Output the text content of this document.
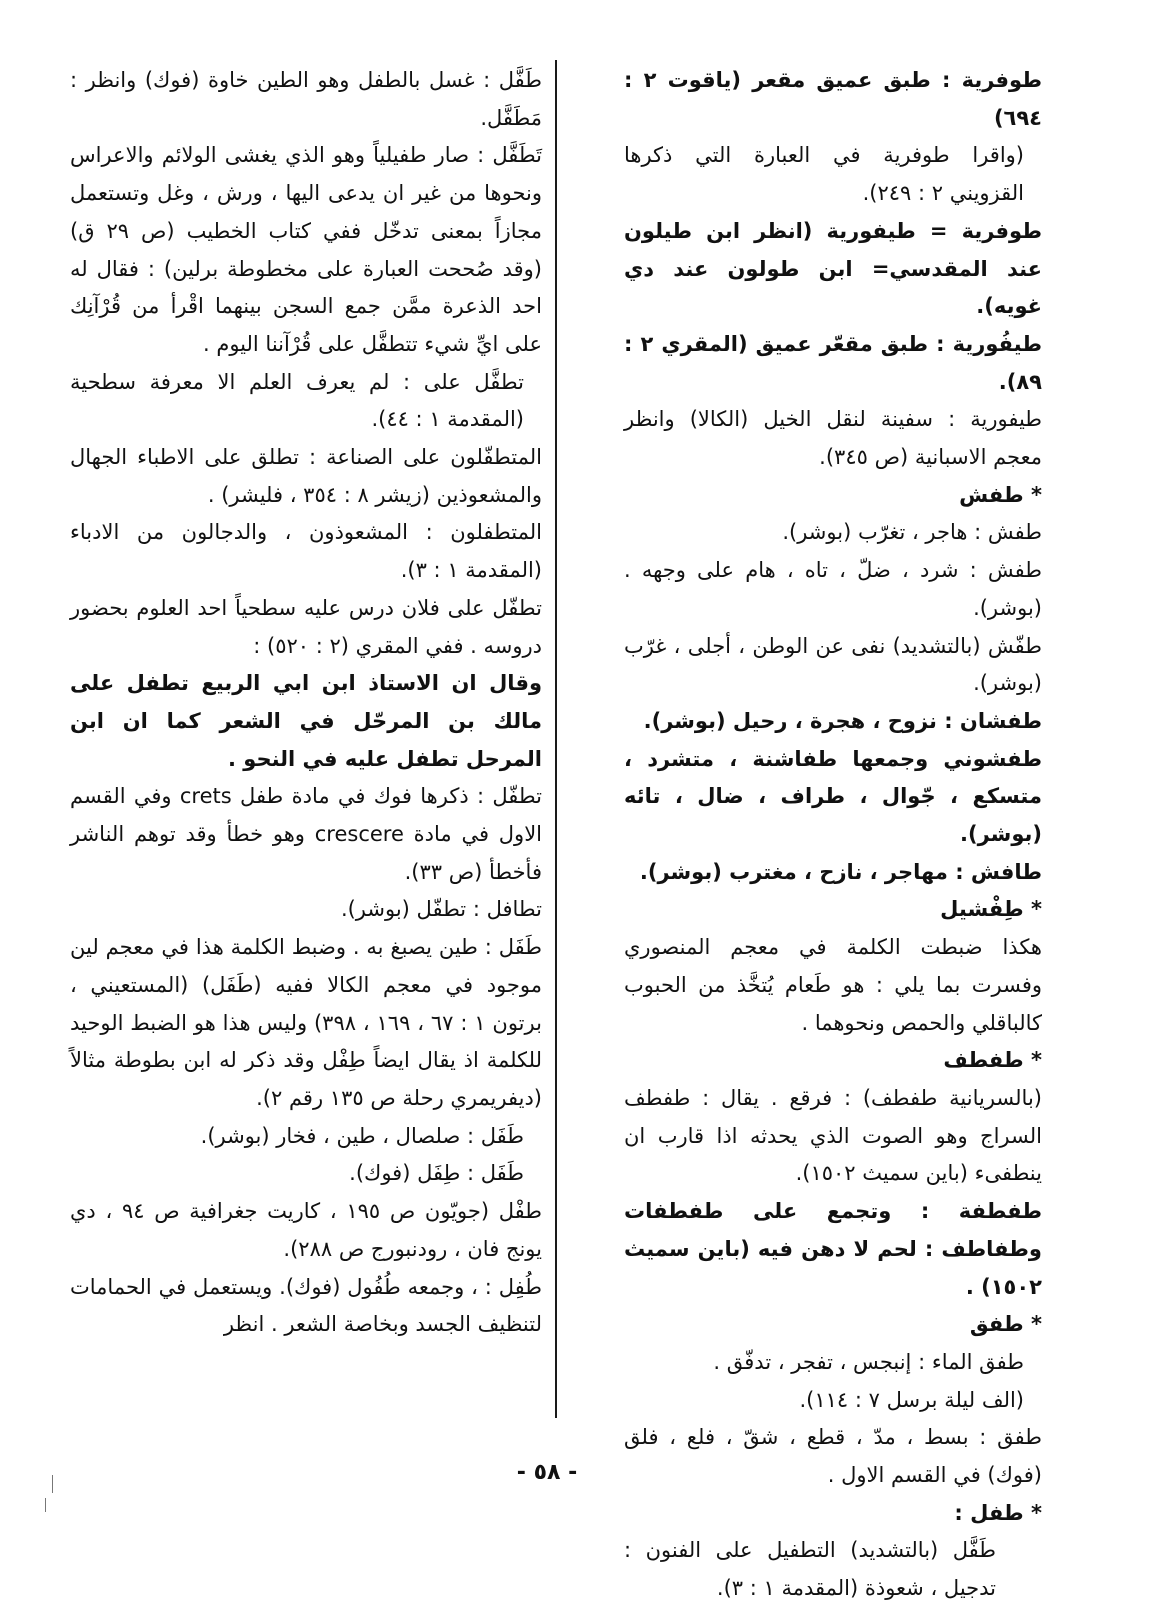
طوفرية : طبق عميق مقعر (ياقوت ٢ : ٦٩٤)

(واقرا طوفرية في العبارة التي ذكرها القزويني ٢ : ٢٤٩).

طوفرية = طيفورية (انظر ابن طيلون عند المقدسي= ابن طولون عند دي غويه).

طيفُورية : طبق مقعّر عميق (المقري ٢ : ٨٩).

طيفورية : سفينة لنقل الخيل (الكالا) وانظر معجم الاسبانية (ص ٣٤٥).

* طفش

طفش : هاجر ، تغرّب (بوشر).

طفش : شرد ، ضلّ ، تاه ، هام على وجهه . (بوشر).

طفّش (بالتشديد) نفى عن الوطن ، أجلى ، غرّب (بوشر).

طفشان : نزوح ، هجرة ، رحيل (بوشر).

طفشوني وجمعها طفاشنة ، متشرد ، متسكع ، جّوال ، طراف ، ضال ، تائه (بوشر).

طافش : مهاجر ، نازح ، مغترب (بوشر).

* طِفْشيل

هكذا ضبطت الكلمة في معجم المنصوري وفسرت بما يلي : هو طَعام يُتخَّذ من الحبوب كالباقلي والحمص ونحوهما .

* طفطف

(بالسريانية طفطف) : فرقع . يقال : طفطف السراج وهو الصوت الذي يحدثه اذا قارب ان ينطفىء (باين سميث ١٥٠٢).

طفطفة : وتجمع على طفطفات وطفاطف : لحم لا دهن فيه (باين سميث ١٥٠٢) .

* طفق

طفق الماء : إنبجس ، تفجر ، تدفّق .

(الف ليلة برسل ٧ : ١١٤).

طفق : بسط ، مدّ ، قطع ، شقّ ، فلع ، فلق (فوك) في القسم الاول .

* طفل :

طَفَّل (بالتشديد) التطفيل على الفنون : تدجيل ، شعوذة (المقدمة ١ : ٣).

طَفَّل : غسل بالطفل وهو الطين خاوة (فوك) وانظر : مَطَفَّل.

تَطَفَّل : صار طفيلياً وهو الذي يغشى الولائم والاعراس ونحوها من غير ان يدعى اليها ، ورش ، وغل وتستعمل مجازاً بمعنى تدخّل ففي كتاب الخطيب (ص ٢٩ ق) (وقد صُححت العبارة على مخطوطة برلين) : فقال له احد الذعرة ممَّن جمع السجن بينهما اقْرأ من قُرْآنِك على ايِّ شيء تتطفَّل على قُرْآننا اليوم .

تطفَّل على : لم يعرف العلم الا معرفة سطحية (المقدمة ١ : ٤٤).

المتطفّلون على الصناعة : تطلق على الاطباء الجهال والمشعوذين (زيشر ٨ : ٣٥٤ ، فليشر) .

المتطفلون : المشعوذون ، والدجالون من الادباء (المقدمة ١ : ٣).

تطفّل على فلان درس عليه سطحياً احد العلوم بحضور دروسه . ففي المقري (٢ : ٥٢٠) :

وقال ان الاستاذ ابن ابي الربيع تطفل على مالك بن المرحّل في الشعر كما ان ابن المرحل تطفل عليه في النحو .

تطفّل : ذكرها فوك في مادة طفل crets وفي القسم الاول في مادة crescere وهو خطأ وقد توهم الناشر فأخطأ (ص ٣٣).

تطافل : تطفّل (بوشر).

طَفَل : طين يصبغ به . وضبط الكلمة هذا في معجم لين موجود في معجم الكالا ففيه (طَفَل) (المستعيني ، برتون ١ : ٦٧ ، ١٦٩ ، ٣٩٨) وليس هذا هو الضبط الوحيد للكلمة اذ يقال ايضاً طِفْل وقد ذكر له ابن بطوطة مثالاً (ديفريمري رحلة ص ١٣٥ رقم ٢).

طَفَل : صلصال ، طين ، فخار (بوشر).

طَفَل : طِفَل (فوك).

طفْل (جويّون ص ١٩٥ ، كاريت جغرافية ص ٩٤ ، دي يونج فان ، رودنبورج ص ٢٨٨).

طُفِل : ، وجمعه طُفُول (فوك). ويستعمل في الحمامات لتنظيف الجسد وبخاصة الشعر . انظر

- ٥٨ -
